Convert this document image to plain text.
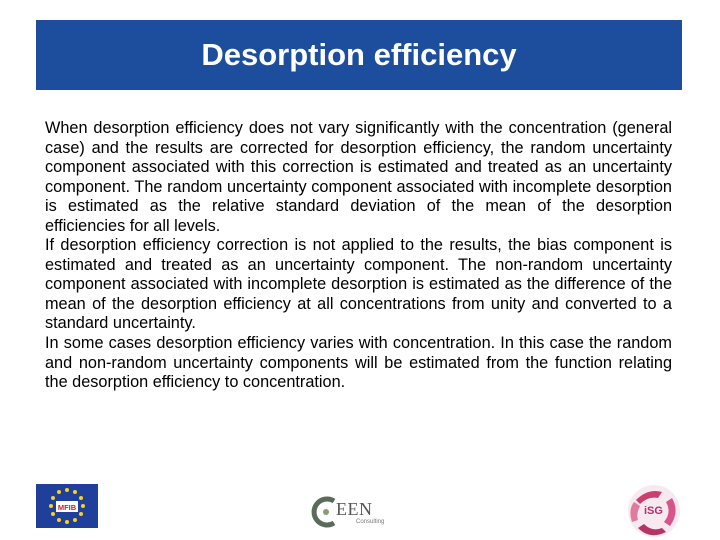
Desorption efficiency

When desorption efficiency does not vary significantly with the concentration (general case) and the results are corrected for desorption efficiency, the random uncertainty component associated with this correction is estimated and treated as an uncertainty component. The random uncertainty component associated with incomplete desorption is estimated as the relative standard deviation of the mean of the desorption efficiencies for all levels.

If desorption efficiency correction is not applied to the results, the bias component is estimated and treated as an uncertainty component. The non-random uncertainty component associated with incomplete desorption is estimated as the difference of the mean of the desorption efficiency at all concentrations from unity and converted to a standard uncertainty.

In some cases desorption efficiency varies with concentration. In this case the random and non-random uncertainty components will be estimated from the function relating the desorption efficiency to concentration.

MFIB	EEN
Consulting
iSG
